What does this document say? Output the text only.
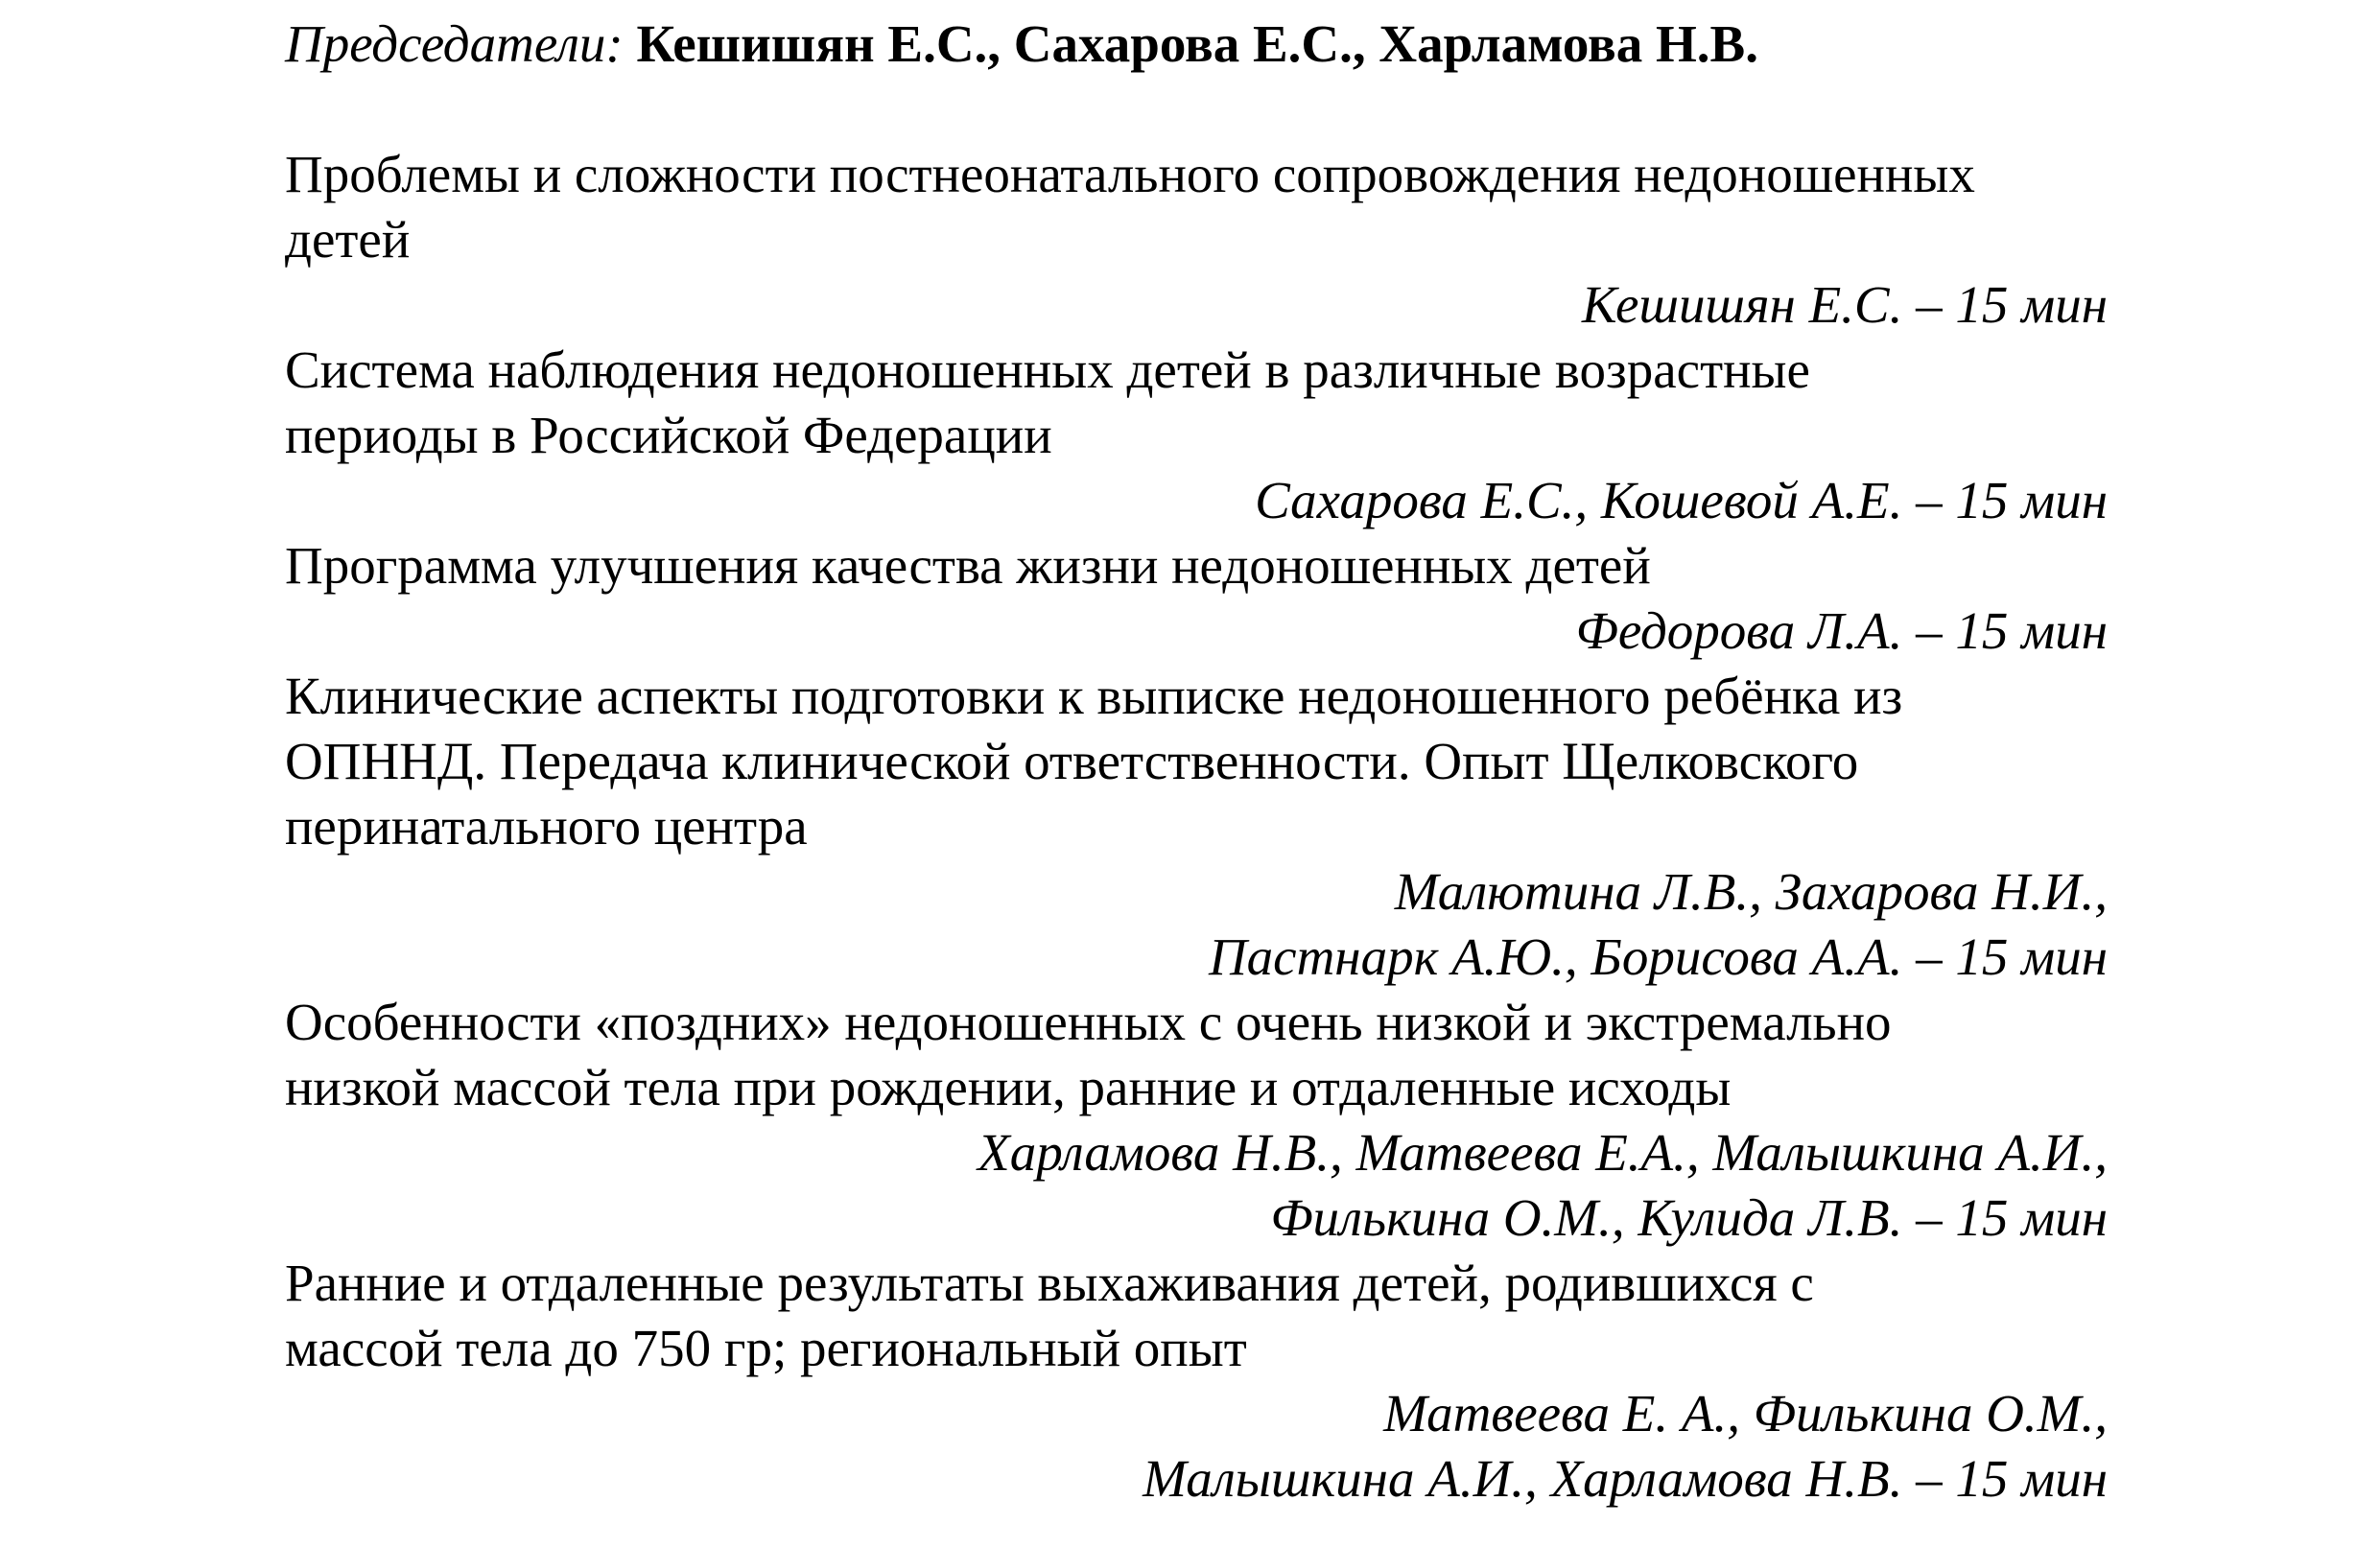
Председатели: Кешишян Е.С., Сахарова Е.С., Харламова Н.В.
Проблемы и сложности постнеонатального сопровождения недоношенных
детей
Кешишян Е.С. – 15 мин
Система наблюдения недоношенных детей в различные возрастные
периоды в Российской Федерации
Сахарова Е.С., Кошевой А.Е. – 15 мин
Программа улучшения качества жизни недоношенных детей
Федорова Л.А. – 15 мин
Клинические аспекты подготовки к выписке недоношенного ребёнка из
ОПННД. Передача клинической ответственности. Опыт Щелковского
перинатального центра
Малютина Л.В., Захарова Н.И.,
Пастнарк А.Ю., Борисова А.А. – 15 мин
Особенности «поздних» недоношенных с очень низкой и экстремально
низкой массой тела при рождении, ранние и отдаленные исходы
Харламова Н.В., Матвеева Е.А., Малышкина А.И.,
Филькина О.М., Кулида Л.В. – 15 мин
Ранние и отдаленные результаты выхаживания детей, родившихся с
массой тела до 750 гр; региональный опыт
Матвеева Е. А., Филькина О.М.,
Малышкина А.И., Харламова Н.В. – 15 мин
